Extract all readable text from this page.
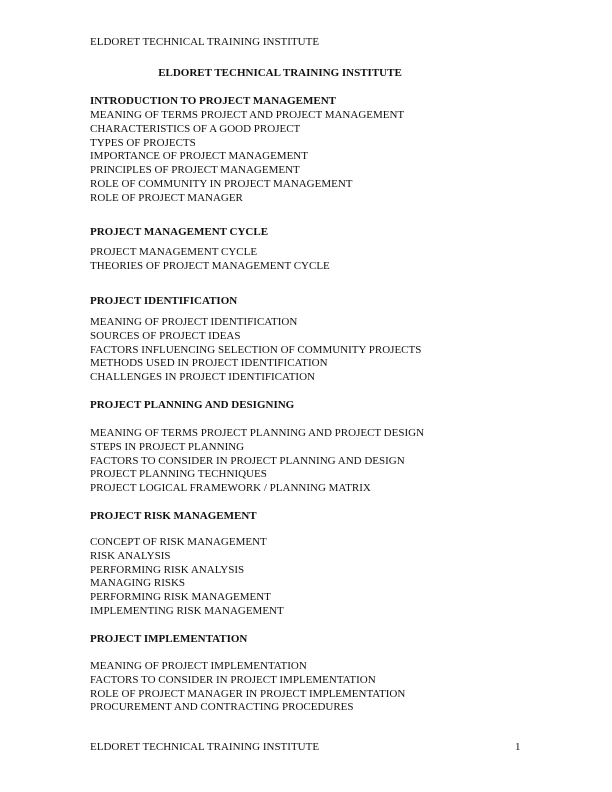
ELDORET TECHNICAL TRAINING INSTITUTE
ELDORET TECHNICAL TRAINING INSTITUTE
INTRODUCTION TO PROJECT MANAGEMENT
MEANING OF TERMS PROJECT AND PROJECT MANAGEMENT
CHARACTERISTICS OF A GOOD PROJECT
TYPES OF PROJECTS
IMPORTANCE OF PROJECT MANAGEMENT
PRINCIPLES OF PROJECT MANAGEMENT
ROLE OF COMMUNITY IN PROJECT MANAGEMENT
ROLE OF PROJECT MANAGER
PROJECT MANAGEMENT CYCLE
PROJECT MANAGEMENT CYCLE
THEORIES OF PROJECT MANAGEMENT CYCLE
PROJECT IDENTIFICATION
MEANING OF PROJECT IDENTIFICATION
SOURCES OF PROJECT IDEAS
FACTORS INFLUENCING SELECTION OF COMMUNITY PROJECTS
METHODS USED IN PROJECT IDENTIFICATION
CHALLENGES IN PROJECT IDENTIFICATION
PROJECT PLANNING AND DESIGNING
MEANING OF TERMS PROJECT PLANNING AND PROJECT DESIGN
STEPS IN PROJECT PLANNING
FACTORS TO CONSIDER IN PROJECT PLANNING AND DESIGN
PROJECT PLANNING TECHNIQUES
PROJECT LOGICAL FRAMEWORK / PLANNING MATRIX
PROJECT RISK MANAGEMENT
CONCEPT OF RISK MANAGEMENT
RISK ANALYSIS
PERFORMING RISK ANALYSIS
MANAGING RISKS
PERFORMING RISK MANAGEMENT
IMPLEMENTING RISK MANAGEMENT
PROJECT IMPLEMENTATION
MEANING OF PROJECT IMPLEMENTATION
FACTORS TO CONSIDER IN PROJECT IMPLEMENTATION
ROLE OF PROJECT MANAGER IN PROJECT IMPLEMENTATION
PROCUREMENT AND CONTRACTING PROCEDURES
ELDORET TECHNICAL TRAINING INSTITUTE	1
